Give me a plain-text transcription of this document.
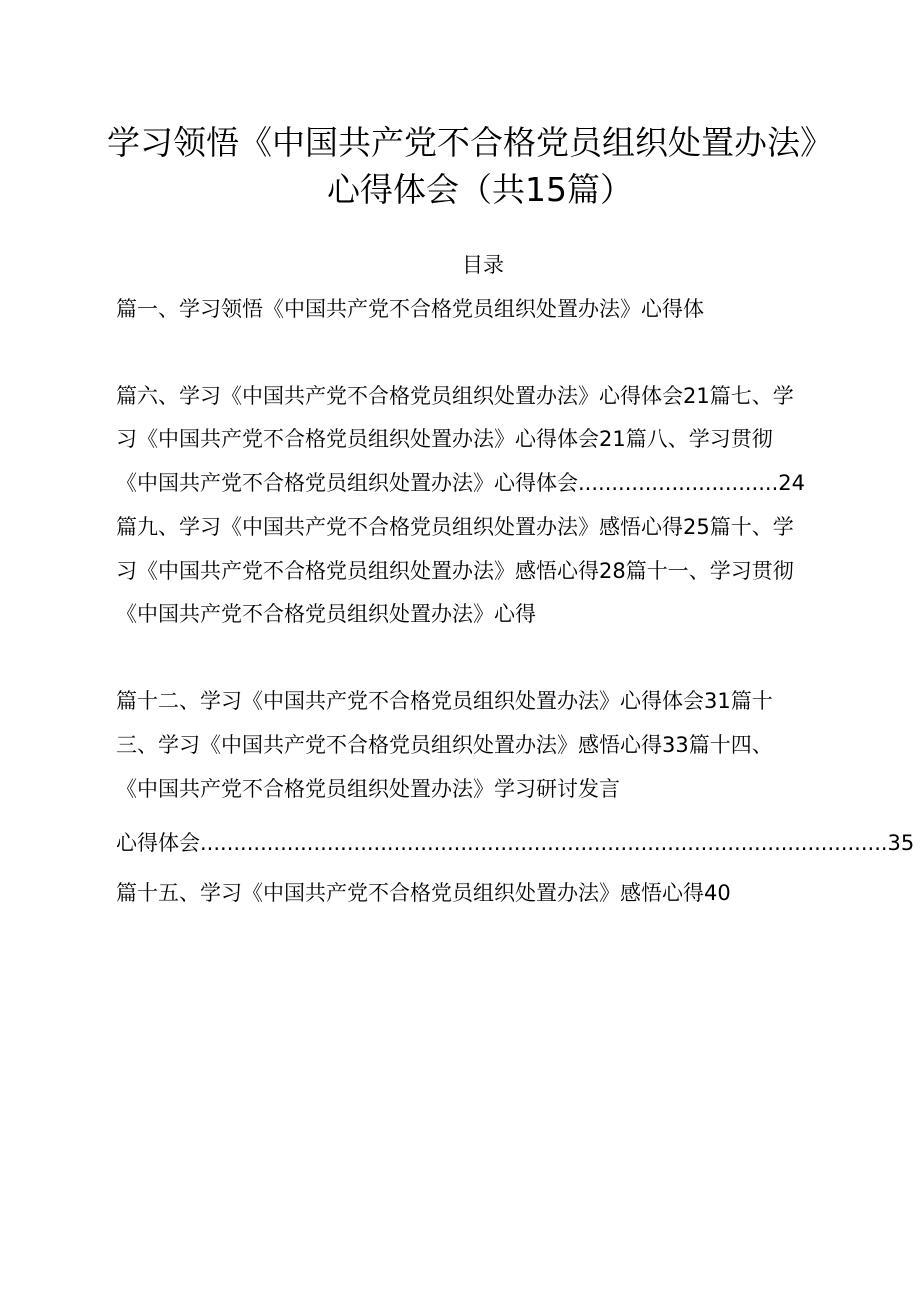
学习领悟《中国共产党不合格党员组织处置办法》
心得体会（共15篇）
目录
篇一、学习领悟《中国共产党不合格党员组织处置办法》心得体
篇六、学习《中国共产党不合格党员组织处置办法》心得体会21篇七、学
习《中国共产党不合格党员组织处置办法》心得体会21篇八、学习贯彻
《中国共产党不合格党员组织处置办法》心得体会..............................24
篇九、学习《中国共产党不合格党员组织处置办法》感悟心得25篇十、学
习《中国共产党不合格党员组织处置办法》感悟心得28篇十一、学习贯彻
《中国共产党不合格党员组织处置办法》心得
篇十二、学习《中国共产党不合格党员组织处置办法》心得体会31篇十
三、学习《中国共产党不合格党员组织处置办法》感悟心得33篇十四、
《中国共产党不合格党员组织处置办法》学习研讨发言
心得体会.......................................................................................................35
篇十五、学习《中国共产党不合格党员组织处置办法》感悟心得40
